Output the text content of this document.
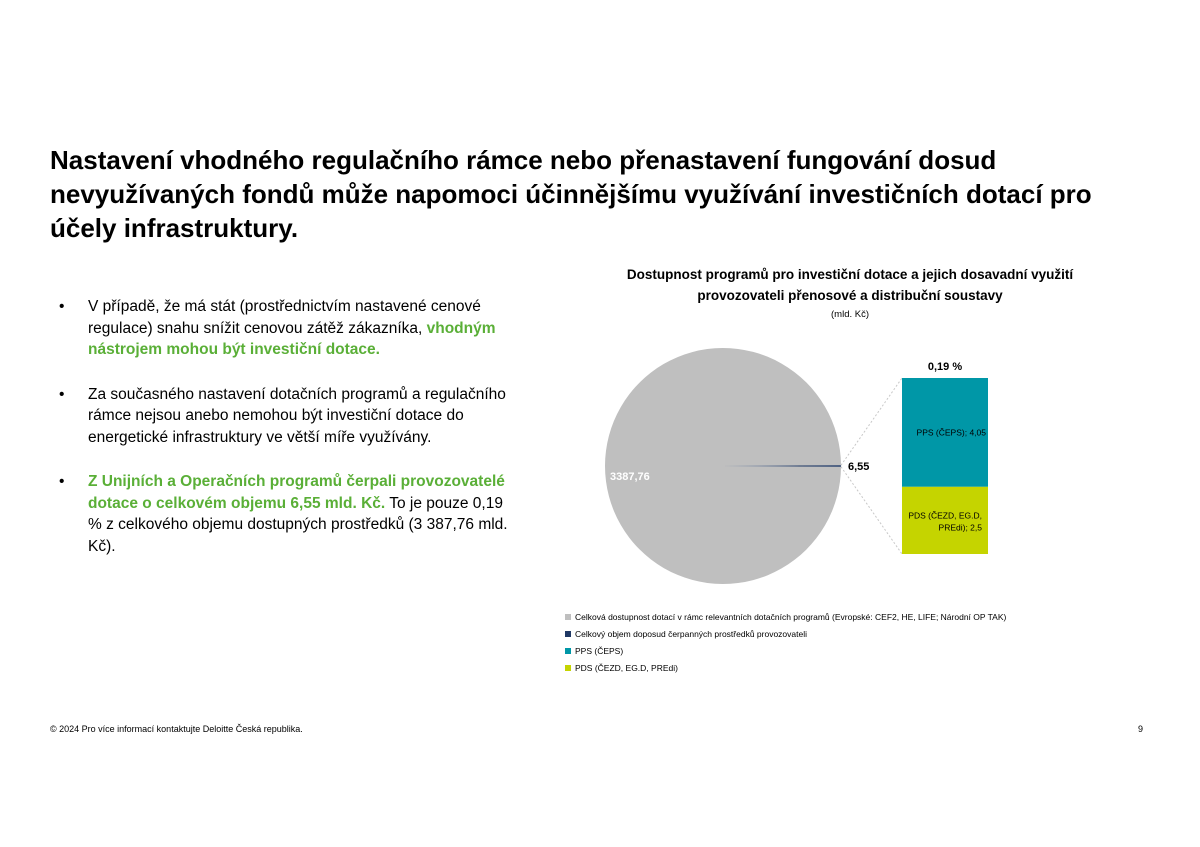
Nastavení vhodného regulačního rámce nebo přenastavení fungování dosud nevyužívaných fondů může napomoci účinnějšímu využívání investičních dotací pro účely infrastruktury.
• V případě, že má stát (prostřednictvím nastavené cenové regulace) snahu snížit cenovou zátěž zákazníka, vhodným nástrojem mohou být investiční dotace.
• Za současného nastavení dotačních programů a regulačního rámce nejsou anebo nemohou být investiční dotace do energetické infrastruktury ve větší míře využívány.
• Z Unijních a Operačních programů čerpali provozovatelé dotace o celkovém objemu 6,55 mld. Kč. To je pouze 0,19 % z celkového objemu dostupných prostředků (3 387,76 mld. Kč).
Dostupnost programů pro investiční dotace a jejich dosavadní využití
provozovateli přenosové a distribuční soustavy
(mld. Kč)
3387,76
6,55
0,19 %
PPS (ČEPS); 4,05
PDS (ČEZD, EG.D,
PREdi); 2,5
Celková dostupnost dotací v rámc relevantních dotačních programů (Evropské: CEF2, HE, LIFE; Národní OP TAK)
Celkový objem doposud čerpanných prostředků provozovateli
PPS (ČEPS)
PDS (ČEZD, EG.D, PREdi)
© 2024 Pro více informací kontaktujte Deloitte Česká republika.	9
